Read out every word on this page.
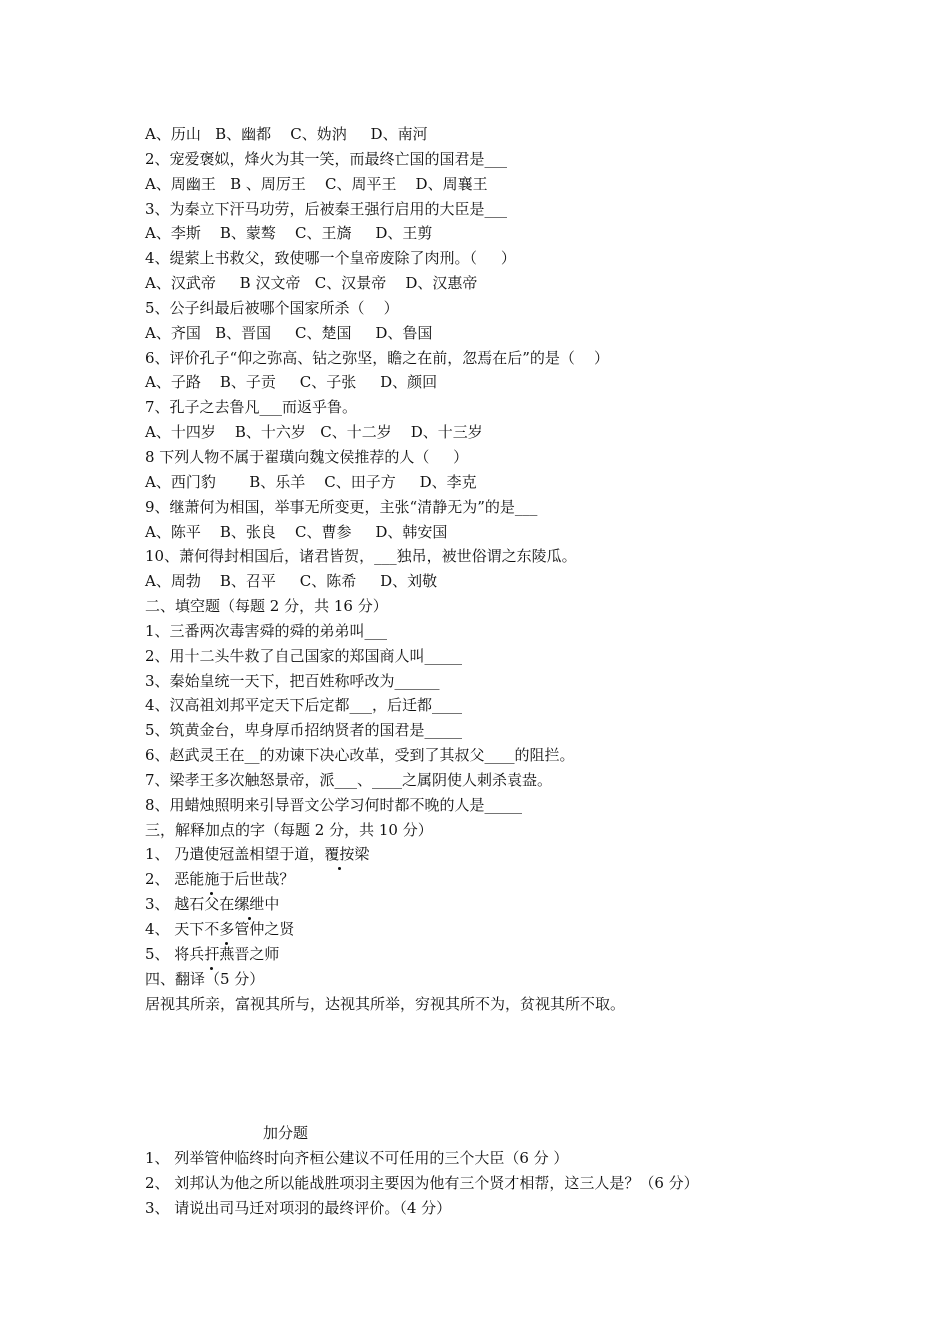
A、历山   B、幽都    C、妫汭     D、南河
2、宠爱褒姒，烽火为其一笑，而最终亡国的国君是___
A、周幽王   B 、周厉王    C、周平王    D、周襄王
3、为秦立下汗马功劳，后被秦王强行启用的大臣是___
A、李斯    B、蒙骜    C、王旖     D、王剪
4、缇萦上书救父，致使哪一个皇帝废除了肉刑。（     ）
A、汉武帝     B 汉文帝   C、汉景帝    D、汉惠帝
5、公子纠最后被哪个国家所杀（    ）
A、齐国   B、晋国     C、楚国     D、鲁国
6、评价孔子“仰之弥高、钻之弥坚，瞻之在前，忽焉在后”的是（    ）
A、子路    B、子贡     C、子张     D、颜回
7、孔子之去鲁凡___而返乎鲁。
A、十四岁    B、十六岁   C、十二岁    D、十三岁
8 下列人物不属于翟璜向魏文侯推荐的人（     ）
A、西门豹       B、乐羊    C、田子方     D、李克
9、继萧何为相国，举事无所变更，主张“清静无为”的是___
A、陈平    B、张良    C、曹参     D、韩安国
10、萧何得封相国后，诸君皆贺，___独吊，被世俗谓之东陵瓜。
A、周勃    B、召平     C、陈希     D、刘敬
二、填空题（每题 2 分，共 16 分）
1、三番两次毒害舜的舜的弟弟叫___
2、用十二头牛救了自己国家的郑国商人叫_____
3、秦始皇统一天下，把百姓称呼改为______
4、汉高祖刘邦平定天下后定都___，后迁都____
5、筑黄金台，卑身厚币招纳贤者的国君是_____
6、赵武灵王在__的劝谏下决心改革，受到了其叔父____的阻拦。
7、梁孝王多次触怒景帝，派___、____之属阴使人刺杀袁盎。
8、用蜡烛照明来引导晋文公学习何时都不晚的人是_____
三，解释加点的字（每题 2 分，共 10 分）
1、 乃遣使冠盖相望于道，覆按梁
2、 恶能施于后世哉？
3、 越石父在缧绁中
4、 天下不多管仲之贤
5、 将兵扞燕晋之师
四、翻译（5 分）
居视其所亲，富视其所与，达视其所举，穷视其所不为，贫视其所不取。
加分题
1、 列举管仲临终时向齐桓公建议不可任用的三个大臣（6 分 ）
2、 刘邦认为他之所以能战胜项羽主要因为他有三个贤才相帮，这三人是？（6 分）
3、 请说出司马迁对项羽的最终评价。（4 分）
